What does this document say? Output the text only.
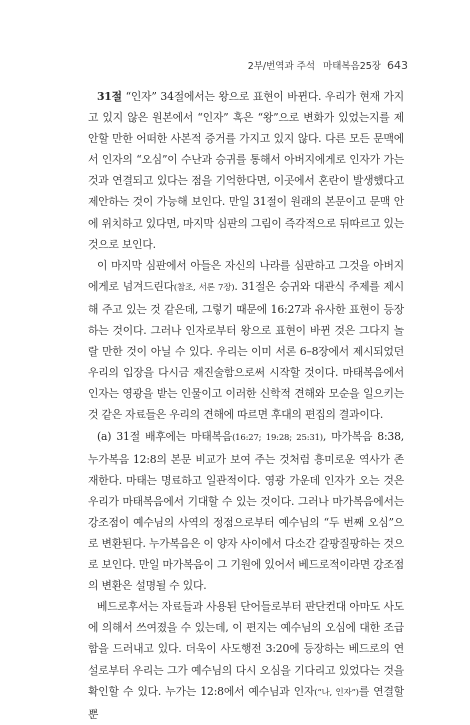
2부/번역과 주석 마태복음25장 643

31절 “인자” 34절에서는 왕으로 표현이 바뀐다. 우리가 현재 가지고 있지 않은 원본에서 “인자” 혹은 “왕”으로 변화가 있었는지를 제안할 만한 어떠한 사본적 증거를 가지고 있지 않다. 다른 모든 문맥에서 인자의 “오심”이 수난과 승귀를 통해서 아버지에게로 인자가 가는 것과 연결되고 있다는 점을 기억한다면, 이곳에서 혼란이 발생했다고 제안하는 것이 가능해 보인다. 만일 31절이 원래의 본문이고 문맥 안에 위치하고 있다면, 마지막 심판의 그림이 즉각적으로 뒤따르고 있는 것으로 보인다.

이 마지막 심판에서 아들은 자신의 나라를 심판하고 그것을 아버지에게로 넘겨드린다(참조, 서론 7장). 31절은 승귀와 대관식 주제를 제시해 주고 있는 것 같은데, 그렇기 때문에 16:27과 유사한 표현이 등장하는 것이다. 그러나 인자로부터 왕으로 표현이 바뀐 것은 그다지 놀랄 만한 것이 아닐 수 있다. 우리는 이미 서론 6–8장에서 제시되었던 우리의 입장을 다시금 재진술함으로써 시작할 것이다. 마태복음에서 인자는 영광을 받는 인물이고 이러한 신학적 견해와 모순을 일으키는 것 같은 자료들은 우리의 견해에 따르면 후대의 편집의 결과이다.

(a) 31절 배후에는 마태복음(16:27; 19:28; 25:31), 마가복음 8:38, 누가복음 12:8의 본문 비교가 보여 주는 것처럼 흥미로운 역사가 존재한다. 마태는 명료하고 일관적이다. 영광 가운데 인자가 오는 것은 우리가 마태복음에서 기대할 수 있는 것이다. 그러나 마가복음에서는 강조점이 예수님의 사역의 정점으로부터 예수님의 “두 번째 오심”으로 변환된다. 누가복음은 이 양자 사이에서 다소간 갈팡질팡하는 것으로 보인다. 만일 마가복음이 그 기원에 있어서 베드로적이라면 강조점의 변환은 설명될 수 있다.

베드로후서는 자료들과 사용된 단어들로부터 판단컨대 아마도 사도에 의해서 쓰여졌을 수 있는데, 이 편지는 예수님의 오심에 대한 조급함을 드러내고 있다. 더욱이 사도행전 3:20에 등장하는 베드로의 연설로부터 우리는 그가 예수님의 다시 오심을 기다리고 있었다는 것을 확인할 수 있다. 누가는 12:8에서 예수님과 인자(“나, 인자”)를 연결할 뿐
